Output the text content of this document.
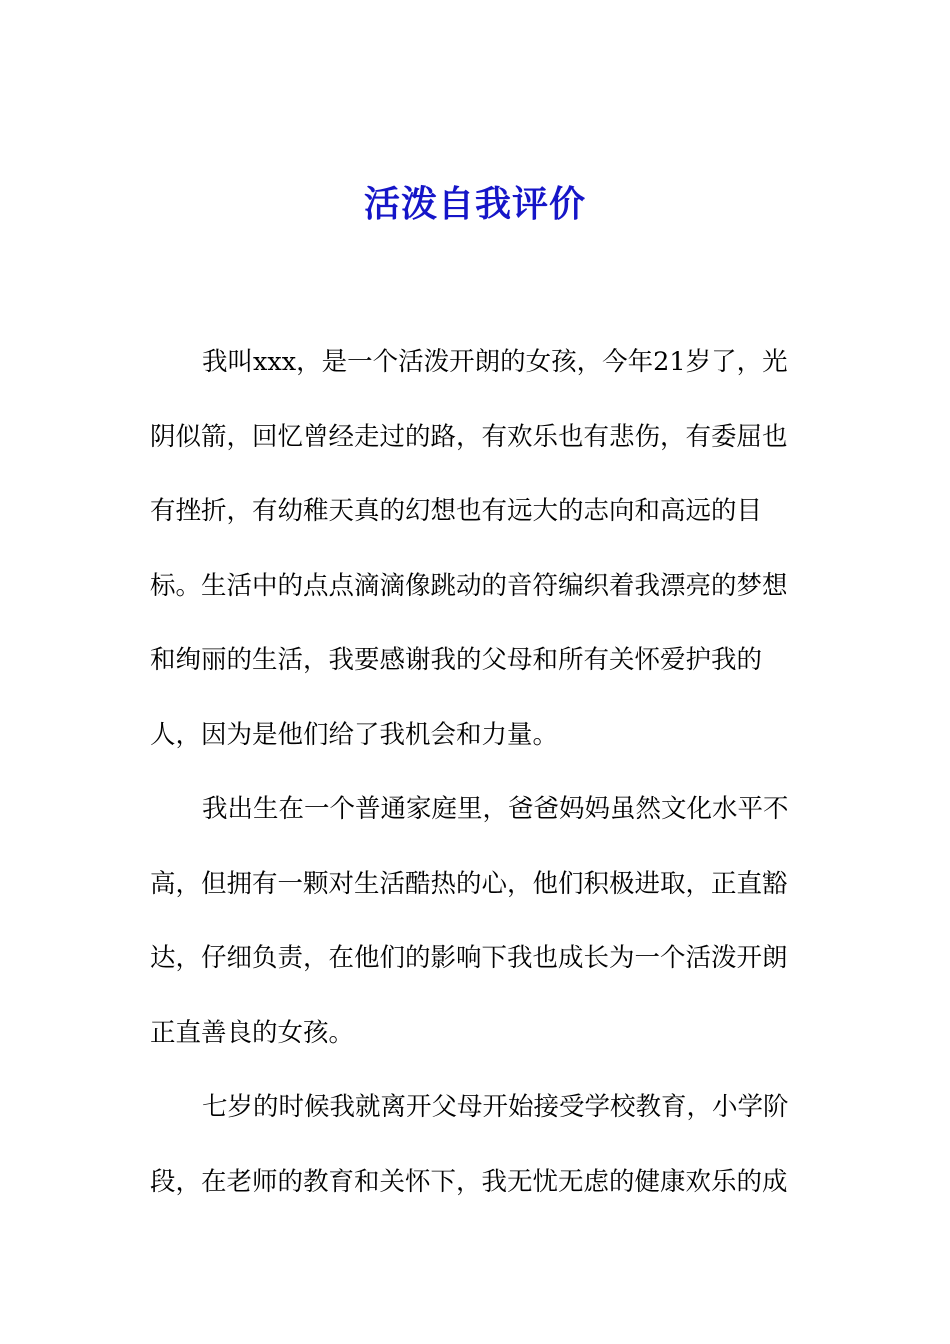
活泼自我评价
我叫xxx，是一个活泼开朗的女孩，今年21岁了，光
阴似箭，回忆曾经走过的路，有欢乐也有悲伤，有委屈也
有挫折，有幼稚天真的幻想也有远大的志向和高远的目
标。生活中的点点滴滴像跳动的音符编织着我漂亮的梦想
和绚丽的生活，我要感谢我的父母和所有关怀爱护我的
人，因为是他们给了我机会和力量。
我出生在一个普通家庭里，爸爸妈妈虽然文化水平不
高，但拥有一颗对生活酷热的心，他们积极进取，正直豁
达，仔细负责，在他们的影响下我也成长为一个活泼开朗
正直善良的女孩。
七岁的时候我就离开父母开始接受学校教育，小学阶
段，在老师的教育和关怀下，我无忧无虑的健康欢乐的成
